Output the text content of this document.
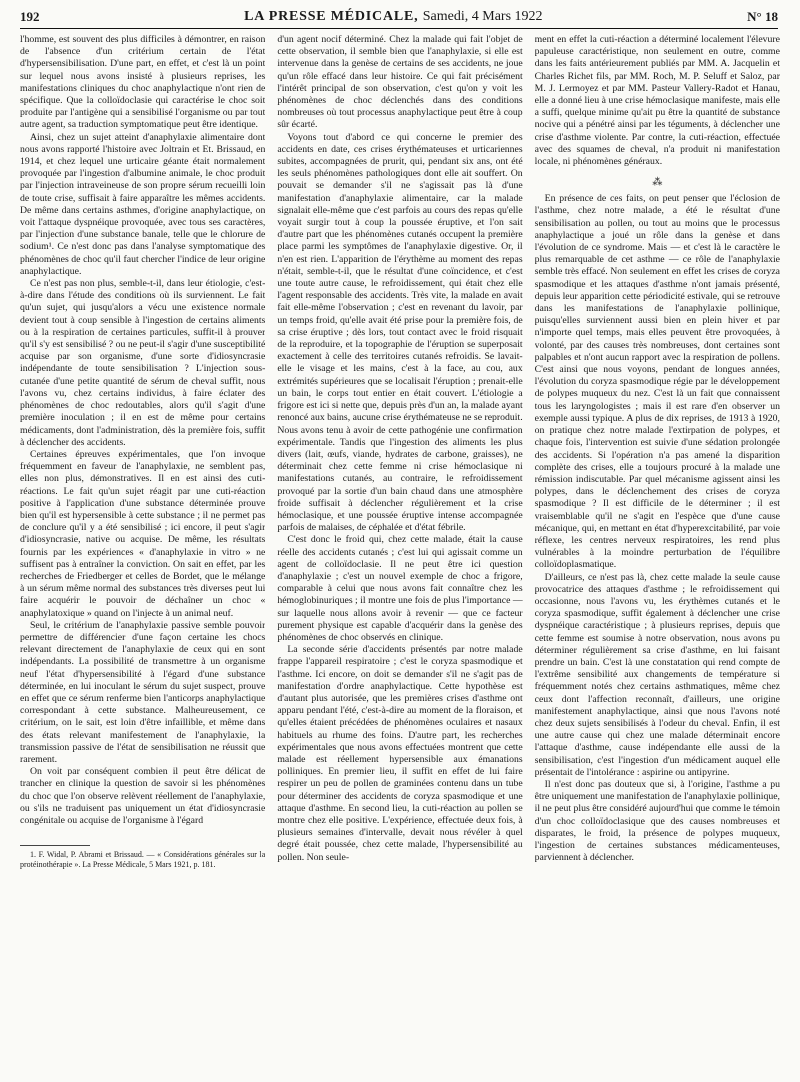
192	LA PRESSE MÉDICALE, Samedi, 4 Mars 1922	N° 18

l'homme, est souvent des plus difficiles à démontrer, en raison de l'absence d'un critérium certain de l'état d'hypersensibilisation. D'une part, en effet, et c'est là un point sur lequel nous avons insisté à plusieurs reprises, les manifestations cliniques du choc anaphylactique n'ont rien de spécifique. Que la colloïdoclasie qui caractérise le choc soit produite par l'antigène qui a sensibilisé l'organisme ou par tout autre agent, sa traduction symptomatique peut être identique.

Ainsi, chez un sujet atteint d'anaphylaxie alimentaire dont nous avons rapporté l'histoire avec Joltrain et Et. Brissaud, en 1914, et chez lequel une urticaire géante était normalement provoquée par l'ingestion d'albumine animale, le choc produit par l'injection intraveineuse de son propre sérum recueilli loin de toute crise, suffisait à faire apparaître les mêmes accidents. De même dans certains asthmes, d'origine anaphylactique, on voit l'attaque dyspnéique provoquée, avec tous ses caractères, par l'injection d'une substance banale, telle que le chlorure de sodium¹. Ce n'est donc pas dans l'analyse symptomatique des phénomènes de choc qu'il faut chercher l'indice de leur origine anaphylactique.

Ce n'est pas non plus, semble-t-il, dans leur étiologie, c'est-à-dire dans l'étude des conditions où ils surviennent. Le fait qu'un sujet, qui jusqu'alors a vécu une existence normale devient tout à coup sensible à l'ingestion de certains aliments ou à la respiration de certaines particules, suffit-il à prouver qu'il s'y est sensibilisé ? ou ne peut-il s'agir d'une susceptibilité acquise par son organisme, d'une sorte d'idiosyncrasie indépendante de toute sensibilisation ? L'injection sous-cutanée d'une petite quantité de sérum de cheval suffit, nous l'avons vu, chez certains individus, à faire éclater des phénomènes de choc redoutables, alors qu'il s'agit d'une première inoculation ; il en est de même pour certains médicaments, dont l'administration, dès la première fois, suffit à déclencher des accidents.

Certaines épreuves expérimentales, que l'on invoque fréquemment en faveur de l'anaphylaxie, ne semblent pas, elles non plus, démonstratives. Il en est ainsi des cuti-réactions. Le fait qu'un sujet réagit par une cuti-réaction positive à l'application d'une substance déterminée prouve bien qu'il est hypersensible à cette substance ; il ne permet pas de conclure qu'il y a été sensibilisé ; ici encore, il peut s'agir d'idiosyncrasie, native ou acquise. De même, les résultats fournis par les expériences « d'anaphylaxie in vitro » ne suffisent pas à entraîner la conviction. On sait en effet, par les recherches de Friedberger et celles de Bordet, que le mélange à un sérum même normal des substances très diverses peut lui faire acquérir le pouvoir de déchaîner un choc « anaphylatoxique » quand on l'injecte à un animal neuf.

Seul, le critérium de l'anaphylaxie passive semble pouvoir permettre de différencier d'une façon certaine les chocs relevant directement de l'anaphylaxie de ceux qui en sont indépendants. La possibilité de transmettre à un organisme neuf l'état d'hypersensibilité à l'égard d'une substance déterminée, en lui inoculant le sérum du sujet suspect, prouve en effet que ce sérum renferme bien l'anticorps anaphylactique correspondant à cette substance. Malheureusement, ce critérium, on le sait, est loin d'être infaillible, et même dans des états relevant manifestement de l'anaphylaxie, la transmission passive de l'état de sensibilisation ne réussit que rarement.

On voit par conséquent combien il peut être délicat de trancher en clinique la question de savoir si les phénomènes du choc que l'on observe relèvent réellement de l'anaphylaxie, ou s'ils ne traduisent pas uniquement un état d'idiosyncrasie congénitale ou acquise de l'organisme à l'égard

1. F. Widal, P. Abrami et Brissaud. — « Considérations générales sur la protéinothérapie ». La Presse Médicale, 5 Mars 1921, p. 181.

d'un agent nocif déterminé. Chez la malade qui fait l'objet de cette observation, il semble bien que l'anaphylaxie, si elle est intervenue dans la genèse de certains de ses accidents, ne joue qu'un rôle effacé dans leur histoire. Ce qui fait précisément l'intérêt principal de son observation, c'est qu'on y voit les phénomènes de choc déclenchés dans des conditions nombreuses où tout processus anaphylactique peut être à coup sûr écarté.

Voyons tout d'abord ce qui concerne le premier des accidents en date, ces crises érythémateuses et urticariennes subites, accompagnées de prurit, qui, pendant six ans, ont été les seuls phénomènes pathologiques dont elle ait souffert. On pouvait se demander s'il ne s'agissait pas là d'une manifestation d'anaphylaxie alimentaire, car la malade signalait elle-même que c'est parfois au cours des repas qu'elle voyait surgir tout à coup la poussée éruptive, et l'on sait d'autre part que les phénomènes cutanés occupent la première place parmi les symptômes de l'anaphylaxie digestive. Or, il n'en est rien. L'apparition de l'érythème au moment des repas n'était, semble-t-il, que le résultat d'une coïncidence, et c'est une toute autre cause, le refroidissement, qui était chez elle l'agent responsable des accidents. Très vite, la malade en avait fait elle-même l'observation ; c'est en revenant du lavoir, par un temps froid, qu'elle avait été prise pour la première fois, de sa crise éruptive ; dès lors, tout contact avec le froid risquait de la reproduire, et la topographie de l'éruption se superposait exactement à celle des territoires cutanés refroidis. Se lavait-elle le visage et les mains, c'est à la face, au cou, aux extrémités supérieures que se localisait l'éruption ; prenait-elle un bain, le corps tout entier en était couvert. L'étiologie a frigore est ici si nette que, depuis près d'un an, la malade ayant renoncé aux bains, aucune crise érythémateuse ne se reproduit. Nous avons tenu à avoir de cette pathogénie une confirmation expérimentale. Tandis que l'ingestion des aliments les plus divers (lait, œufs, viande, hydrates de carbone, graisses), ne déterminait chez cette femme ni crise hémoclasique ni manifestations cutanés, au contraire, le refroidissement provoqué par la sortie d'un bain chaud dans une atmosphère froide suffisait à déclencher régulièrement et la crise hémoclasique, et une poussée éruptive intense accompagnée parfois de malaises, de céphalée et d'état fébrile.

C'est donc le froid qui, chez cette malade, était la cause réelle des accidents cutanés ; c'est lui qui agissait comme un agent de colloïdoclasie. Il ne peut être ici question d'anaphylaxie ; c'est un nouvel exemple de choc a frigore, comparable à celui que nous avons fait connaître chez les hémoglobinuriques ; il montre une fois de plus l'importance — sur laquelle nous allons avoir à revenir — que ce facteur purement physique est capable d'acquérir dans la genèse des phénomènes de choc observés en clinique.

La seconde série d'accidents présentés par notre malade frappe l'appareil respiratoire ; c'est le coryza spasmodique et l'asthme. Ici encore, on doit se demander s'il ne s'agit pas de manifestation d'ordre anaphylactique. Cette hypothèse est d'autant plus autorisée, que les premières crises d'asthme ont apparu pendant l'été, c'est-à-dire au moment de la floraison, et qu'elles étaient précédées de phénomènes oculaires et nasaux habituels au rhume des foins. D'autre part, les recherches expérimentales que nous avons effectuées montrent que cette malade est réellement hypersensible aux émanations polliniques. En premier lieu, il suffit en effet de lui faire respirer un peu de pollen de graminées contenu dans un tube pour déterminer des accidents de coryza spasmodique et une attaque d'asthme. En second lieu, la cuti-réaction au pollen se montre chez elle positive. L'expérience, effectuée deux fois, à plusieurs semaines d'intervalle, devait nous révéler à quel degré était poussée, chez cette malade, l'hypersensibilité au pollen. Non seule-

ment en effet la cuti-réaction a déterminé localement l'élevure papuleuse caractéristique, non seulement en outre, comme dans les faits antérieurement publiés par MM. A. Jacquelin et Charles Richet fils, par MM. Roch, M. P. Seluff et Saloz, par M. J. Lermoyez et par MM. Pasteur Vallery-Radot et Hanau, elle a donné lieu à une crise hémoclasique manifeste, mais elle a suffi, quelque minime qu'ait pu être la quantité de substance nocive qui a pénétré ainsi par les téguments, à déclencher une crise d'asthme violente. Par contre, la cuti-réaction, effectuée avec des squames de cheval, n'a produit ni manifestation locale, ni phénomènes généraux.

⁂

En présence de ces faits, on peut penser que l'éclosion de l'asthme, chez notre malade, a été le résultat d'une sensibilisation au pollen, ou tout au moins que le processus anaphylactique a joué un rôle dans la genèse et dans l'évolution de ce syndrome. Mais — et c'est là le caractère le plus remarquable de cet asthme — ce rôle de l'anaphylaxie semble très effacé. Non seulement en effet les crises de coryza spasmodique et les attaques d'asthme n'ont jamais présenté, depuis leur apparition cette périodicité estivale, qui se retrouve dans les manifestations de l'anaphylaxie pollinique, puisqu'elles surviennent aussi bien en plein hiver et par n'importe quel temps, mais elles peuvent être provoquées, à volonté, par des causes très nombreuses, dont certaines sont palpables et n'ont aucun rapport avec la respiration de pollens. C'est ainsi que nous voyons, pendant de longues années, l'évolution du coryza spasmodique régie par le développement de polypes muqueux du nez. C'est là un fait que connaissent tous les laryngologistes ; mais il est rare d'en observer un exemple aussi typique. A plus de dix reprises, de 1913 à 1920, on pratique chez notre malade l'extirpation de polypes, et chaque fois, l'intervention est suivie d'une sédation prolongée des accidents. Si l'opération n'a pas amené la disparition complète des crises, elle a toujours procuré à la malade une rémission indiscutable. Par quel mécanisme agissent ainsi les polypes, dans le déclenchement des crises de coryza spasmodique ? Il est difficile de le déterminer ; il est vraisemblable qu'il ne s'agit en l'espèce que d'une cause mécanique, qui, en mettant en état d'hyperexcitabilité, par voie réflexe, les centres nerveux respiratoires, les rend plus vulnérables à la moindre perturbation de l'équilibre colloïdoplasmatique.

D'ailleurs, ce n'est pas là, chez cette malade la seule cause provocatrice des attaques d'asthme ; le refroidissement qui occasionne, nous l'avons vu, les érythèmes cutanés et le coryza spasmodique, suffit également à déclencher une crise dyspnéique caractéristique ; à plusieurs reprises, depuis que cette femme est soumise à notre observation, nous avons pu déterminer régulièrement sa crise d'asthme, en lui faisant prendre un bain. C'est là une constatation qui rend compte de l'extrême sensibilité aux changements de température si fréquemment notés chez certains asthmatiques, même chez ceux dont l'affection reconnaît, d'ailleurs, une origine manifestement anaphylactique, ainsi que nous l'avons noté chez deux sujets sensibilisés à l'odeur du cheval. Enfin, il est une autre cause qui chez une malade déterminait encore l'attaque d'asthme, cause indépendante elle aussi de la sensibilisation, c'est l'ingestion d'un médicament auquel elle présentait de l'intolérance : aspirine ou antipyrine.

Il n'est donc pas douteux que si, à l'origine, l'asthme a pu être uniquement une manifestation de l'anaphylaxie pollinique, il ne peut plus être considéré aujourd'hui que comme le témoin d'un choc colloïdoclasique que des causes nombreuses et disparates, le froid, la présence de polypes muqueux, l'ingestion de certaines substances médicamenteuses, parviennent à déclencher.
